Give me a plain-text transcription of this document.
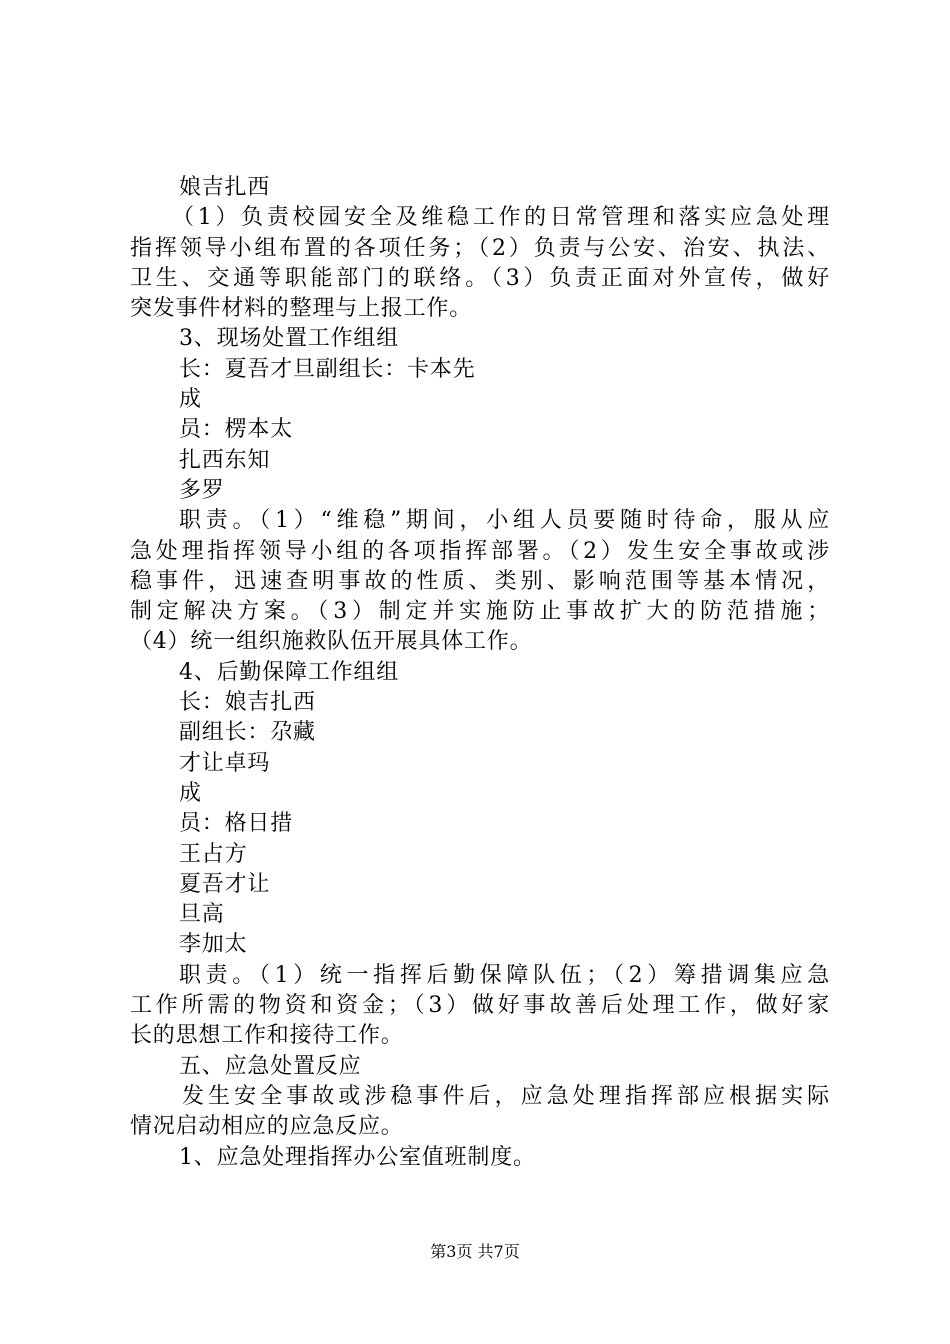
娘吉扎西
（1）负责校园安全及维稳工作的日常管理和落实应急处理
指挥领导小组布置的各项任务；（2）负责与公安、治安、执法、
卫生、交通等职能部门的联络。（3）负责正面对外宣传，做好
突发事件材料的整理与上报工作。
3、现场处置工作组组
长：夏吾才旦副组长：卡本先
成
员：楞本太
扎西东知
多罗
职责。（1）“维稳”期间，小组人员要随时待命，服从应
急处理指挥领导小组的各项指挥部署。（2）发生安全事故或涉
稳事件，迅速查明事故的性质、类别、影响范围等基本情况，
制定解决方案。（3）制定并实施防止事故扩大的防范措施；
（4）统一组织施救队伍开展具体工作。
4、后勤保障工作组组
长：娘吉扎西
副组长：尕藏
才让卓玛
成
员：格日措
王占方
夏吾才让
旦高
李加太
职责。（1）统一指挥后勤保障队伍；（2）筹措调集应急
工作所需的物资和资金；（3）做好事故善后处理工作，做好家
长的思想工作和接待工作。
五、应急处置反应
发生安全事故或涉稳事件后，应急处理指挥部应根据实际
情况启动相应的应急反应。
1、应急处理指挥办公室值班制度。
第3页 共7页
